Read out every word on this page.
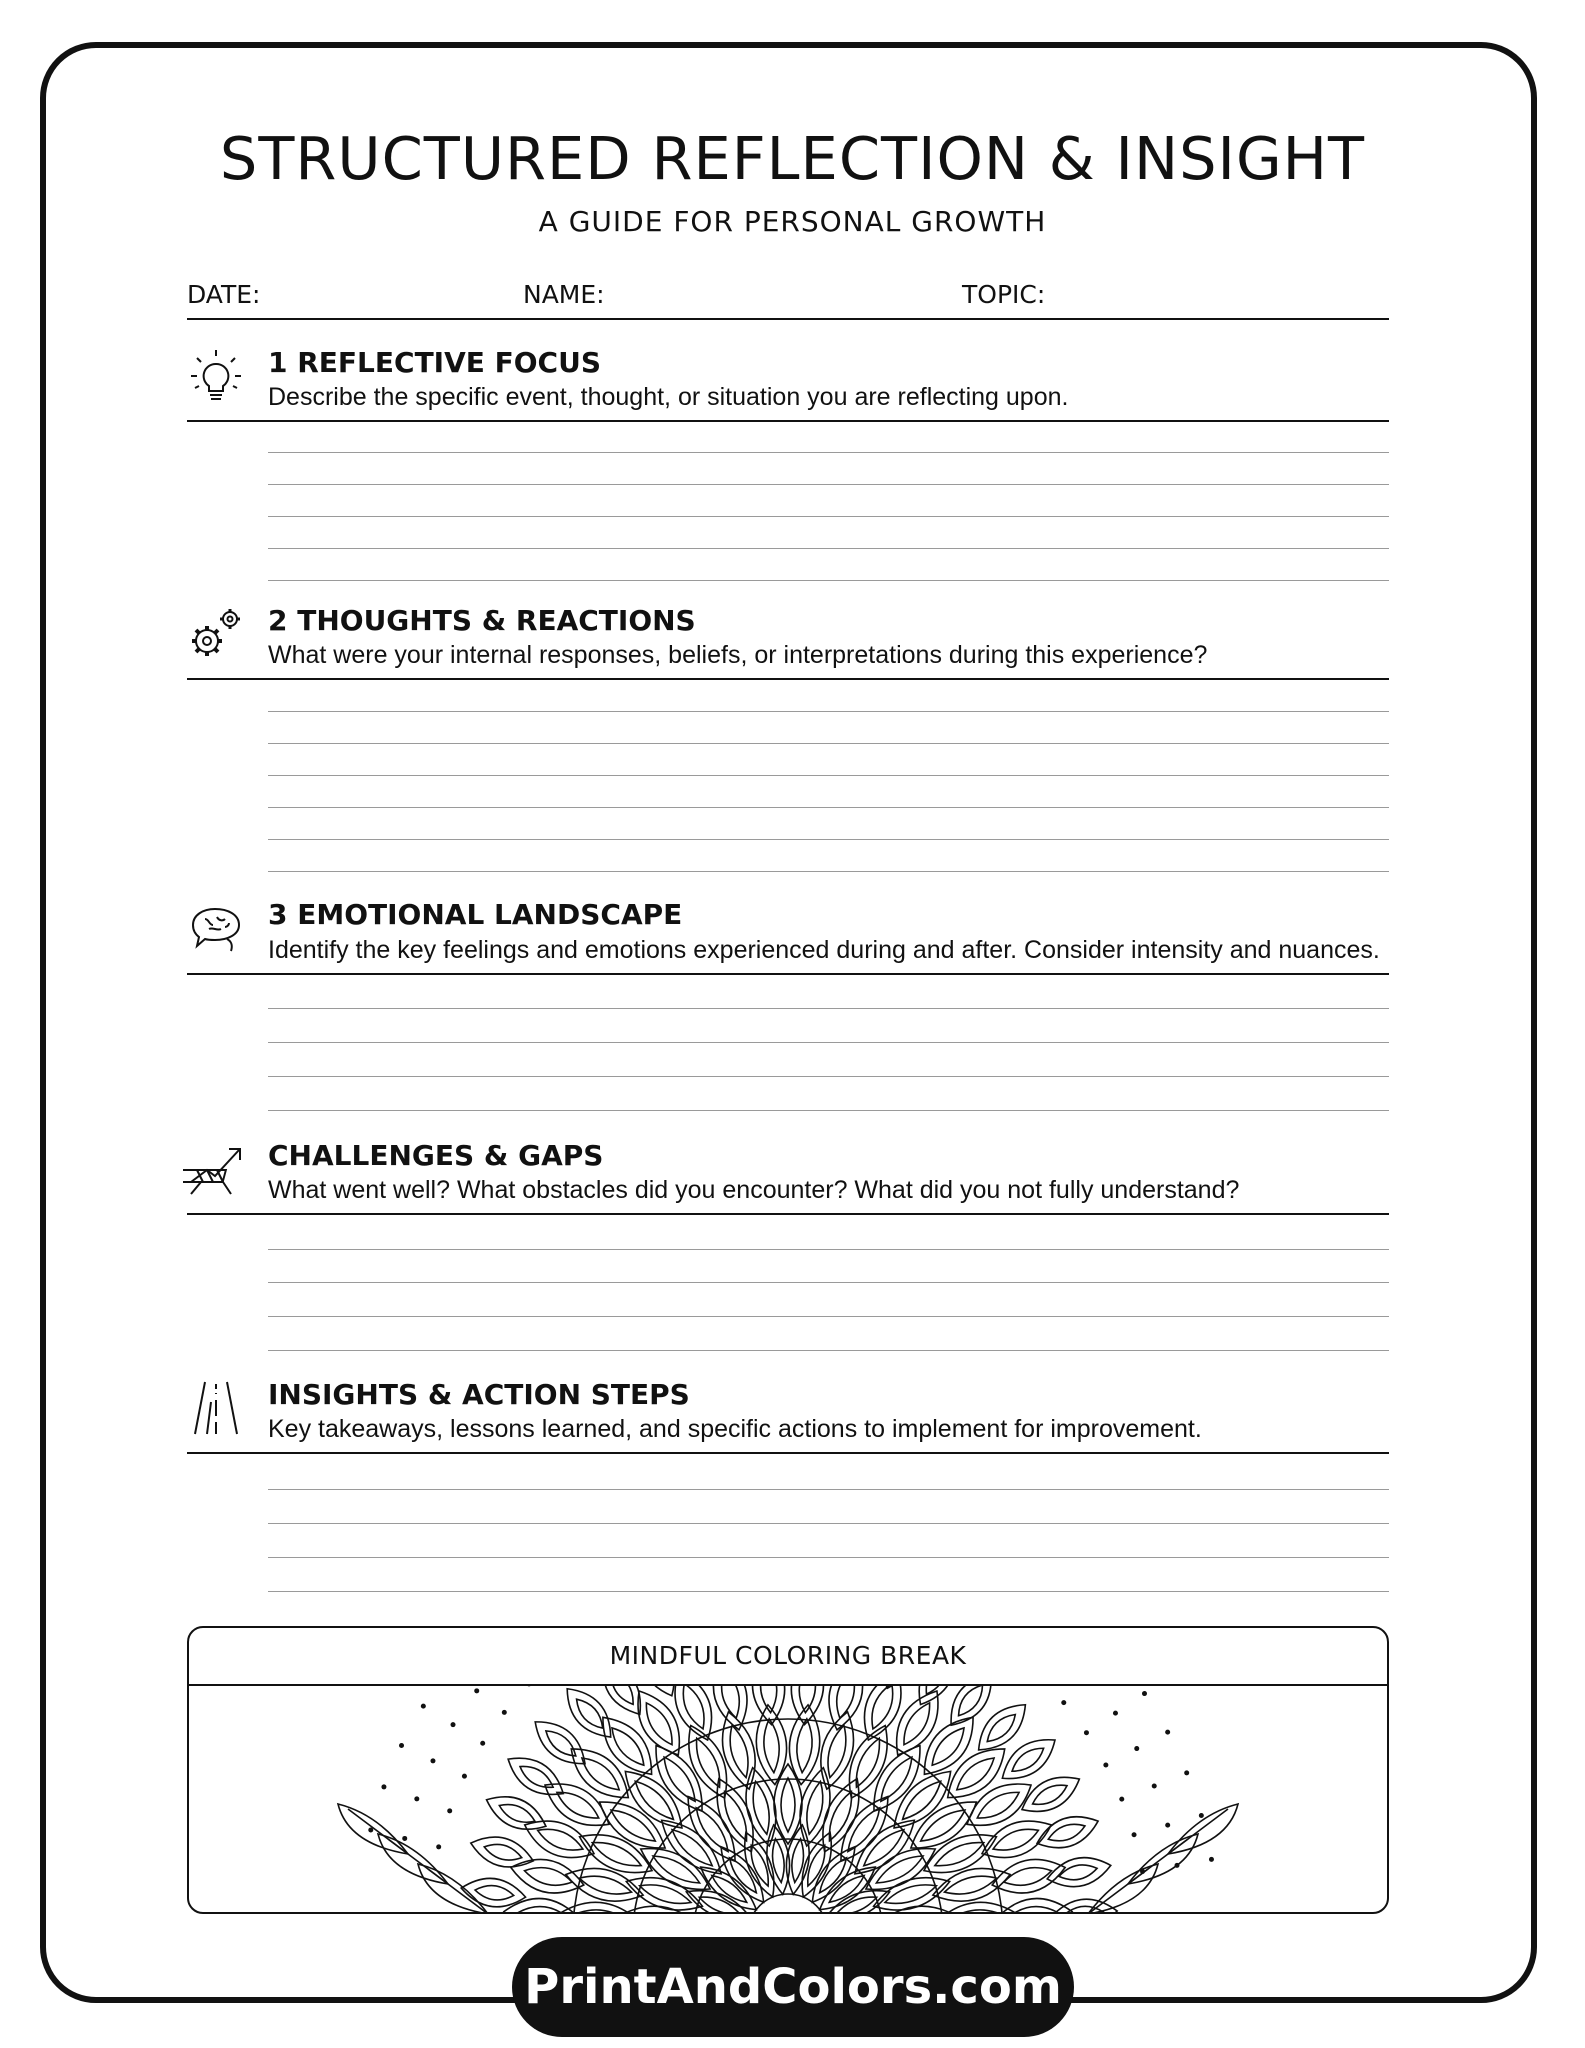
STRUCTURED REFLECTION & INSIGHT
A GUIDE FOR PERSONAL GROWTH
DATE:	NAME:	TOPIC:
1 REFLECTIVE FOCUS
Describe the specific event, thought, or situation you are reflecting upon.
2 THOUGHTS & REACTIONS
What were your internal responses, beliefs, or interpretations during this experience?
3 EMOTIONAL LANDSCAPE
Identify the key feelings and emotions experienced during and after. Consider intensity and nuances.
CHALLENGES & GAPS
What went well? What obstacles did you encounter? What did you not fully understand?
INSIGHTS & ACTION STEPS
Key takeaways, lessons learned, and specific actions to implement for improvement.
MINDFUL COLORING BREAK
PrintAndColors.com
